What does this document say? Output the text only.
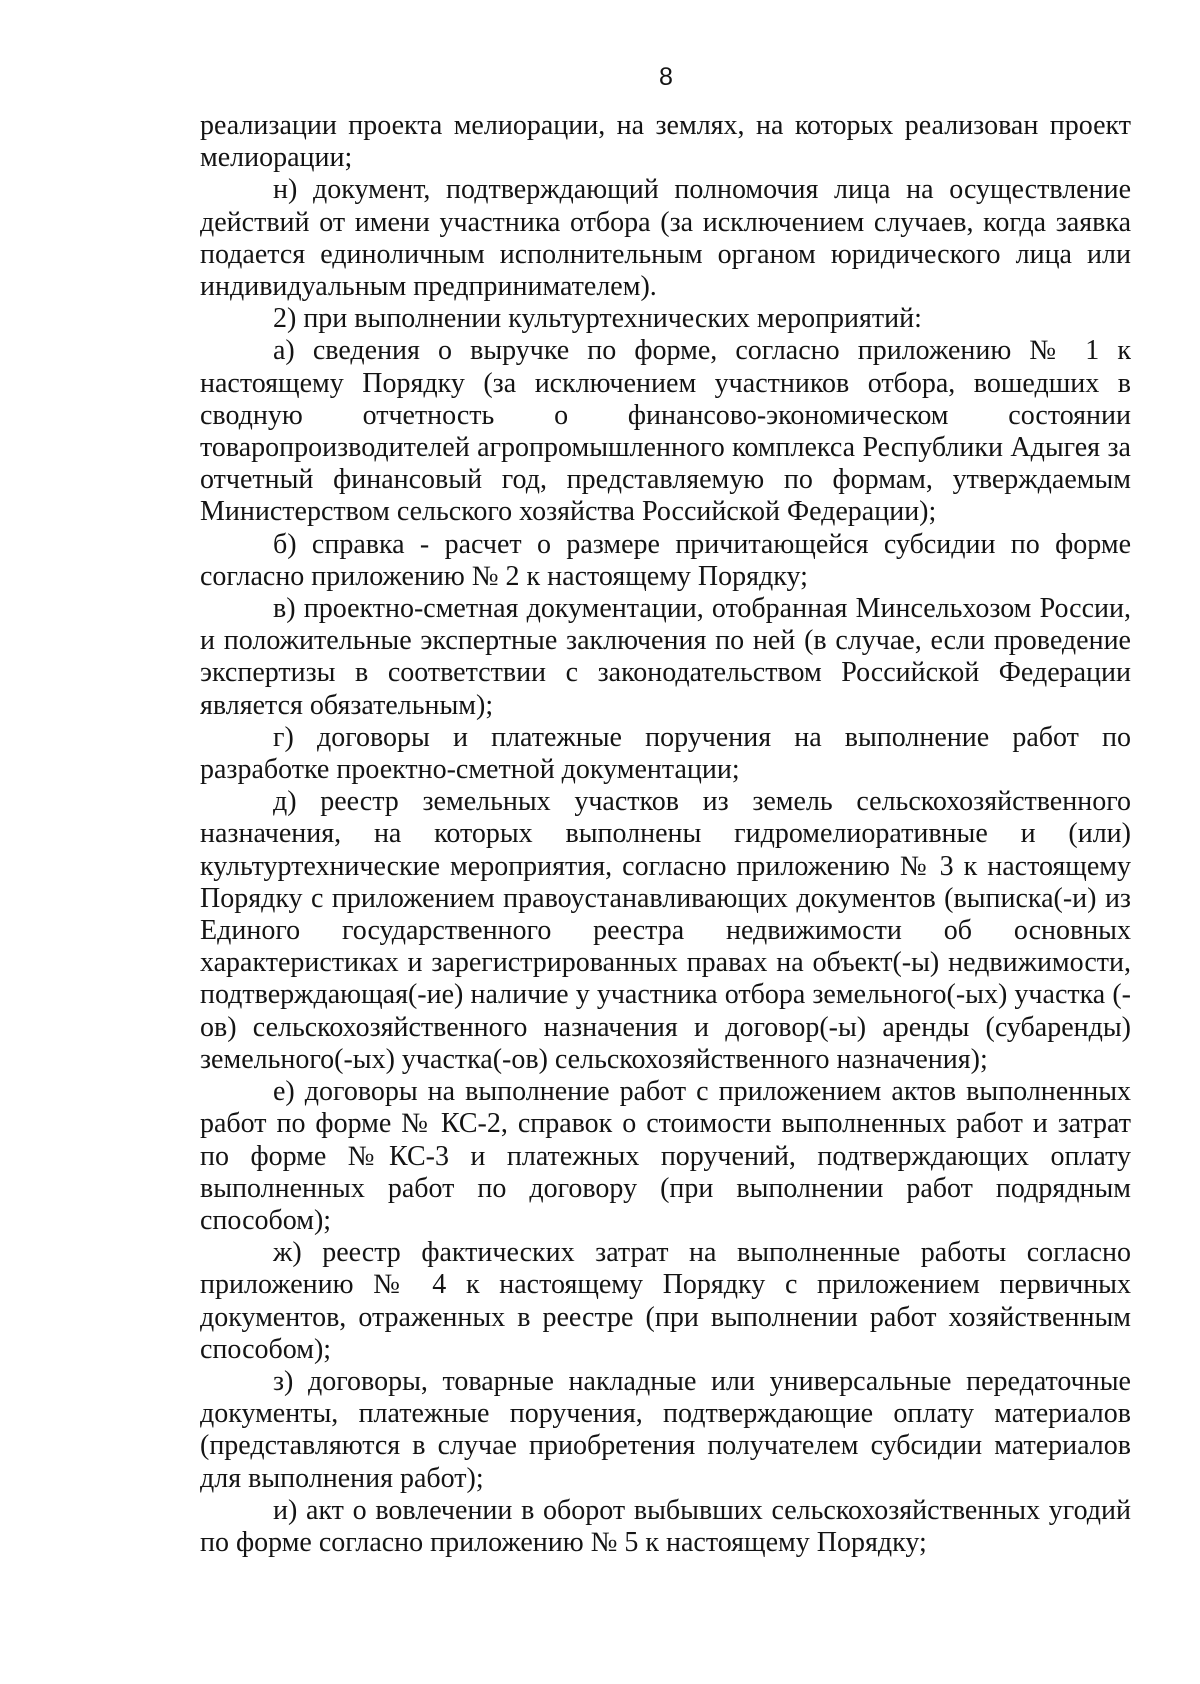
8

реализации проекта мелиорации, на землях, на которых реализован проект мелиорации;

н) документ, подтверждающий полномочия лица на осуществление действий от имени участника отбора (за исключением случаев, когда заявка подается единоличным исполнительным органом юридического лица или индивидуальным предпринимателем).

2) при выполнении культуртехнических мероприятий:

а) сведения о выручке по форме, согласно приложению № 1 к настоящему Порядку (за исключением участников отбора, вошедших в сводную отчетность о финансово-экономическом состоянии товаропроизводителей агропромышленного комплекса Республики Адыгея за отчетный финансовый год, представляемую по формам, утверждаемым Министерством сельского хозяйства Российской Федерации);

б) справка - расчет о размере причитающейся субсидии по форме согласно приложению № 2 к настоящему Порядку;

в) проектно-сметная документации, отобранная Минсельхозом России, и положительные экспертные заключения по ней (в случае, если проведение экспертизы в соответствии с законодательством Российской Федерации является обязательным);

г) договоры и платежные поручения на выполнение работ по разработке проектно-сметной документации;

д) реестр земельных участков из земель сельскохозяйственного назначения, на которых выполнены гидромелиоративные и (или) культуртехнические мероприятия, согласно приложению № 3 к настоящему Порядку с приложением правоустанавливающих документов (выписка(-и) из Единого государственного реестра недвижимости об основных характеристиках и зарегистрированных правах на объект(-ы) недвижимости, подтверждающая(-ие) наличие у участника отбора земельного(-ых) участка (-ов) сельскохозяйственного назначения и договор(-ы) аренды (субаренды) земельного(-ых) участка(-ов) сельскохозяйственного назначения);

е) договоры на выполнение работ с приложением актов выполненных работ по форме № КС-2, справок о стоимости выполненных работ и затрат по форме №КС-3 и платежных поручений, подтверждающих оплату выполненных работ по договору (при выполнении работ подрядным способом);

ж) реестр фактических затрат на выполненные работы согласно приложению № 4 к настоящему Порядку с приложением первичных документов, отраженных в реестре (при выполнении работ хозяйственным способом);

з) договоры, товарные накладные или универсальные передаточные документы, платежные поручения, подтверждающие оплату материалов (представляются в случае приобретения получателем субсидии материалов для выполнения работ);

и) акт о вовлечении в оборот выбывших сельскохозяйственных угодий по форме согласно приложению № 5 к настоящему Порядку;
